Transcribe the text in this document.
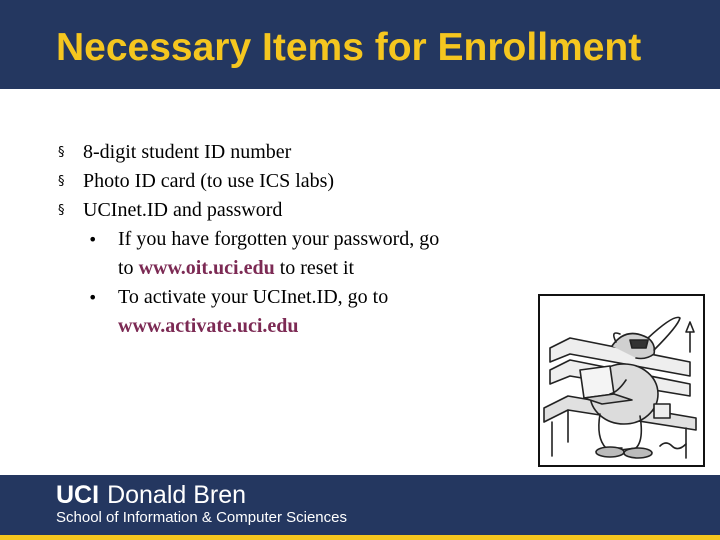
Necessary Items for Enrollment
§ 8-digit student ID number
§ Photo ID card (to use ICS labs)
§ UCInet.ID and password
•	If you have forgotten your password, go
to www.oit.uci.edu to reset it
•	To activate your UCInet.ID, go to
www.activate.uci.edu
UCI Donald Bren
School of Information & Computer Sciences
